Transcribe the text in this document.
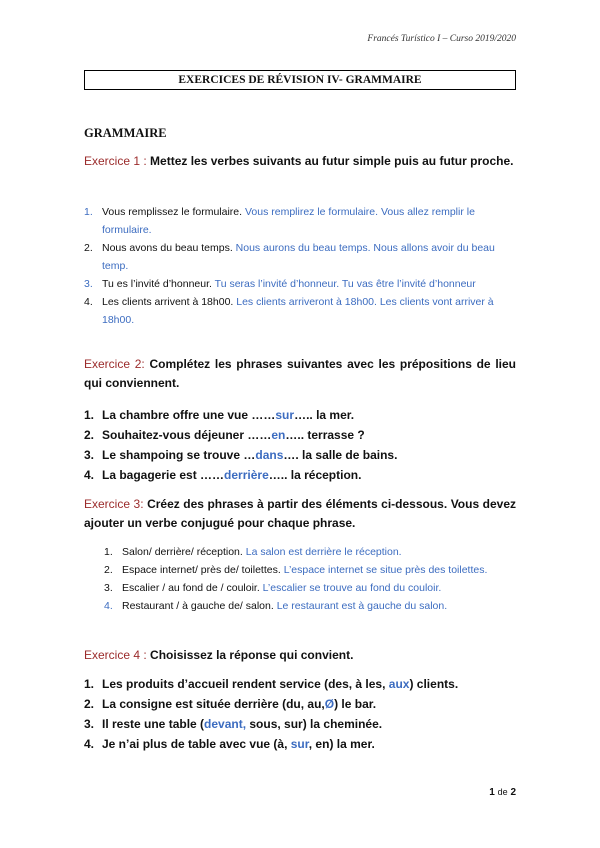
Francés Turístico I – Curso 2019/2020
EXERCICES DE RÉVISION IV- GRAMMAIRE
GRAMMAIRE
Exercice 1 : Mettez les verbes suivants au futur simple puis au futur proche.
1. Vous remplissez le formulaire. Vous remplirez le formulaire. Vous allez remplir le formulaire.
2. Nous avons du beau temps. Nous aurons du beau temps. Nous allons avoir du beau temp.
3. Tu es l’invité d’honneur. Tu seras l’invité d’honneur. Tu vas être l’invité d’honneur
4. Les clients arrivent à 18h00. Les clients arriveront à 18h00. Les clients vont arriver à 18h00.
Exercice 2: Complétez les phrases suivantes avec les prépositions de lieu qui conviennent.
1. La chambre offre une vue ……sur….. la mer.
2. Souhaitez-vous déjeuner ……en….. terrasse ?
3. Le shampoing se trouve …dans…. la salle de bains.
4. La bagagerie est ……derrière….. la réception.
Exercice 3: Créez des phrases à partir des éléments ci-dessous. Vous devez ajouter un verbe conjugué pour chaque phrase.
1. Salon/ derrière/ réception. La salon est derrière le réception.
2. Espace internet/ près de/ toilettes. L’espace internet se situe près des toilettes.
3. Escalier / au fond de / couloir. L’escalier se trouve au fond du couloir.
4. Restaurant / à gauche de/ salon. Le restaurant est à gauche du salon.
Exercice 4 : Choisissez la réponse qui convient.
1. Les produits d’accueil rendent service (des, à les, aux) clients.
2. La consigne est située derrière (du, au,Ø) le bar.
3. Il reste une table (devant, sous, sur) la cheminée.
4. Je n’ai plus de table avec vue (à, sur, en) la mer.
1 de 2
